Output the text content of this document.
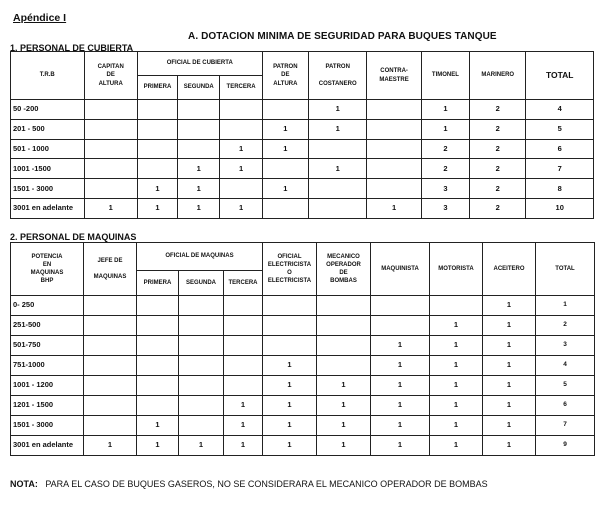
Apéndice I
A. DOTACION MINIMA DE SEGURIDAD PARA BUQUES TANQUE
1. PERSONAL DE CUBIERTA
T.R.B	CAPITAN
DE
ALTURA	OFICIAL DE CUBIERTA			PATRON
DE
ALTURA	PATRON

COSTANERO	CONTRA-
MAESTRE	TIMONEL	MARINERO	TOTAL
		PRIMERA	SEGUNDA	TERCERA						
50 -200						1		1	2	4
201 - 500					1	1		1	2	5
501 - 1000				1	1			2	2	6
1001 -1500			1	1		1		2	2	7
1501 - 3000		1	1		1			3	2	8
3001 en adelante	1	1	1	1			1	3	2	10
2. PERSONAL DE MAQUINAS
POTENCIA
EN
MAQUINAS
BHP	JEFE DE

MAQUINAS	OFICIAL DE MAQUINAS			OFICIAL
ELECTRICISTA
O
ELECTRICISTA	MECANICO
OPERADOR
DE
BOMBAS	MAQUINISTA	MOTORISTA	ACEITERO	TOTAL
		PRIMERA	SEGUNDA	TERCERA						
0- 250									1	1
251-500								1	1	2
501-750							1	1	1	3
751-1000					1		1	1	1	4
1001 - 1200					1	1	1	1	1	5
1201 - 1500				1	1	1	1	1	1	6
1501 - 3000		1		1	1	1	1	1	1	7
3001 en adelante	1	1	1	1	1	1	1	1	1	9
NOTA: PARA EL CASO DE BUQUES GASEROS, NO SE CONSIDERARA EL MECANICO OPERADOR DE BOMBAS
